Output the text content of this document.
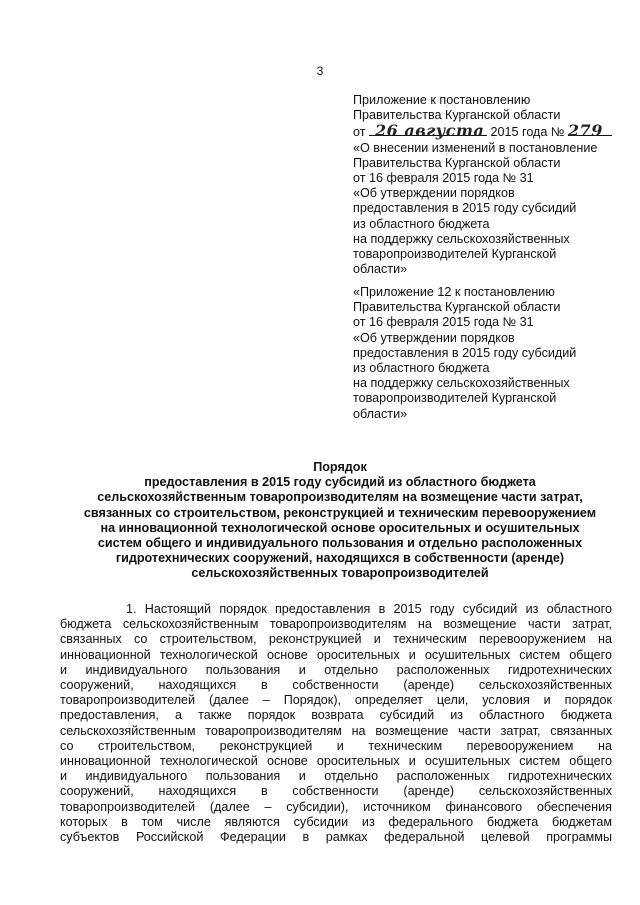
3
Приложение к постановлению
Правительства Курганской области
от 26 августа 2015 года № 279
«О внесении изменений в постановление
Правительства Курганской области
от 16 февраля 2015 года № 31
«Об утверждении порядков
предоставления в 2015 году субсидий
из областного бюджета
на поддержку сельскохозяйственных
товаропроизводителей Курганской
области»
«Приложение 12 к постановлению
Правительства Курганской области
от 16 февраля 2015 года № 31
«Об утверждении порядков
предоставления в 2015 году субсидий
из областного бюджета
на поддержку сельскохозяйственных
товаропроизводителей Курганской
области»
Порядок
предоставления в 2015 году субсидий из областного бюджета
сельскохозяйственным товаропроизводителям на возмещение части затрат,
связанных со строительством, реконструкцией и техническим перевооружением
на инновационной технологической основе оросительных и осушительных
систем общего и индивидуального пользования и отдельно расположенных
гидротехнических сооружений, находящихся в собственности (аренде)
сельскохозяйственных товаропроизводителей
1. Настоящий порядок предоставления в 2015 году субсидий из областного
бюджета сельскохозяйственным товаропроизводителям на возмещение части затрат,
связанных со строительством, реконструкцией и техническим перевооружением на
инновационной технологической основе оросительных и осушительных систем общего
и индивидуального пользования и отдельно расположенных гидротехнических
сооружений, находящихся в собственности (аренде) сельскохозяйственных
товаропроизводителей (далее – Порядок), определяет цели, условия и порядок
предоставления, а также порядок возврата субсидий из областного бюджета
сельскохозяйственным товаропроизводителям на возмещение части затрат, связанных
со строительством, реконструкцией и техническим перевооружением на
инновационной технологической основе оросительных и осушительных систем общего
и индивидуального пользования и отдельно расположенных гидротехнических
сооружений, находящихся в собственности (аренде) сельскохозяйственных
товаропроизводителей (далее – субсидии), источником финансового обеспечения
которых в том числе являются субсидии из федерального бюджета бюджетам
субъектов Российской Федерации в рамках федеральной целевой программы
